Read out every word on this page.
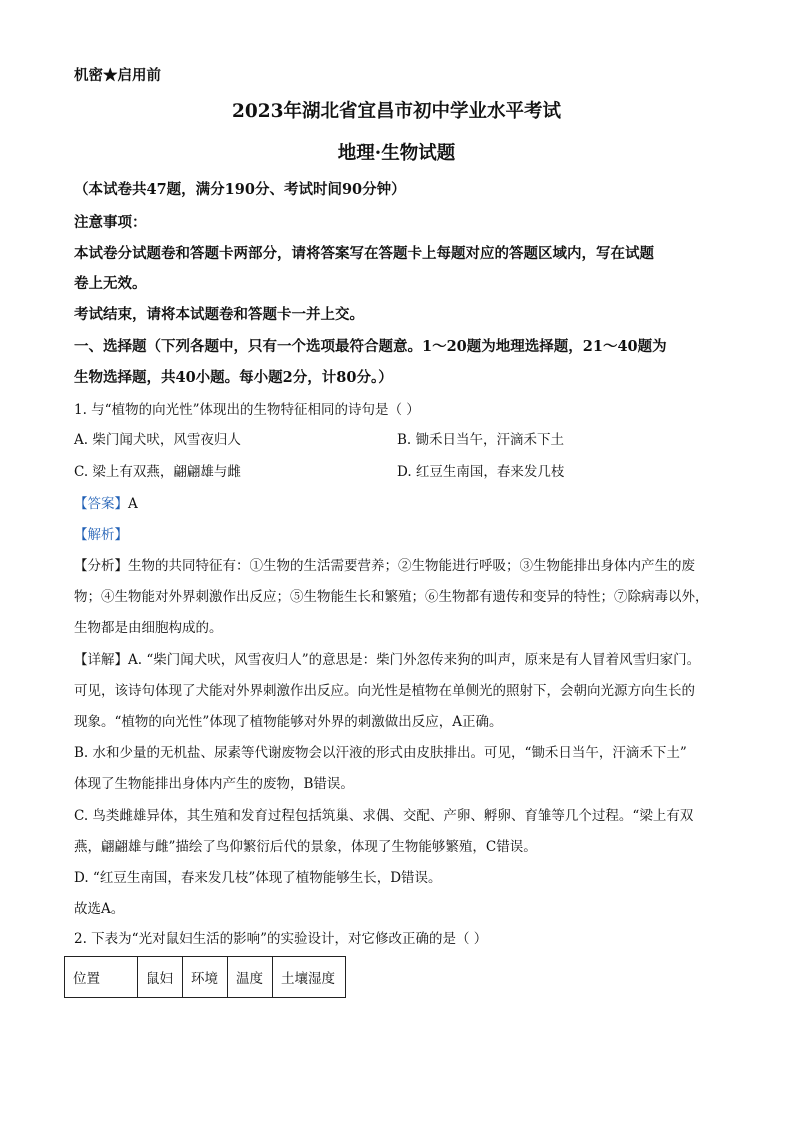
机密★启用前
2023年湖北省宜昌市初中学业水平考试
地理·生物试题
（本试卷共47题，满分190分、考试时间90分钟）
注意事项：
本试卷分试题卷和答题卡两部分，请将答案写在答题卡上每题对应的答题区域内，写在试题
卷上无效。
考试结束，请将本试题卷和答题卡一并上交。
一、选择题（下列各题中，只有一个选项最符合题意。1～20题为地理选择题，21～40题为
生物选择题，共40小题。每小题2分，计80分。）
1. 与“植物的向光性”体现出的生物特征相同的诗句是（ ）
A. 柴门闻犬吠，风雪夜归人	B. 锄禾日当午，汗滴禾下土
C. 梁上有双燕，翩翩雄与雌	D. 红豆生南国，春来发几枝
【答案】A
【解析】
【分析】生物的共同特征有：①生物的生活需要营养；②生物能进行呼吸；③生物能排出身体内产生的废
物；④生物能对外界刺激作出反应；⑤生物能生长和繁殖；⑥生物都有遗传和变异的特性；⑦除病毒以外，
生物都是由细胞构成的。
【详解】A. “柴门闻犬吠，风雪夜归人”的意思是：柴门外忽传来狗的叫声，原来是有人冒着风雪归家门。
可见，该诗句体现了犬能对外界刺激作出反应。向光性是植物在单侧光的照射下，会朝向光源方向生长的
现象。“植物的向光性”体现了植物能够对外界的刺激做出反应，A正确。
B. 水和少量的无机盐、尿素等代谢废物会以汗液的形式由皮肤排出。可见，“锄禾日当午，汗滴禾下土”
体现了生物能排出身体内产生的废物，B错误。
C. 鸟类雌雄异体，其生殖和发育过程包括筑巢、求偶、交配、产卵、孵卵、育雏等几个过程。“梁上有双
燕，翩翩雄与雌”描绘了鸟仰繁衍后代的景象，体现了生物能够繁殖，C错误。
D. “红豆生南国，春来发几枝”体现了植物能够生长，D错误。
故选A。
2. 下表为“光对鼠妇生活的影响”的实验设计，对它修改正确的是（ ）
位置	鼠妇	环境	温度	土壤湿度
